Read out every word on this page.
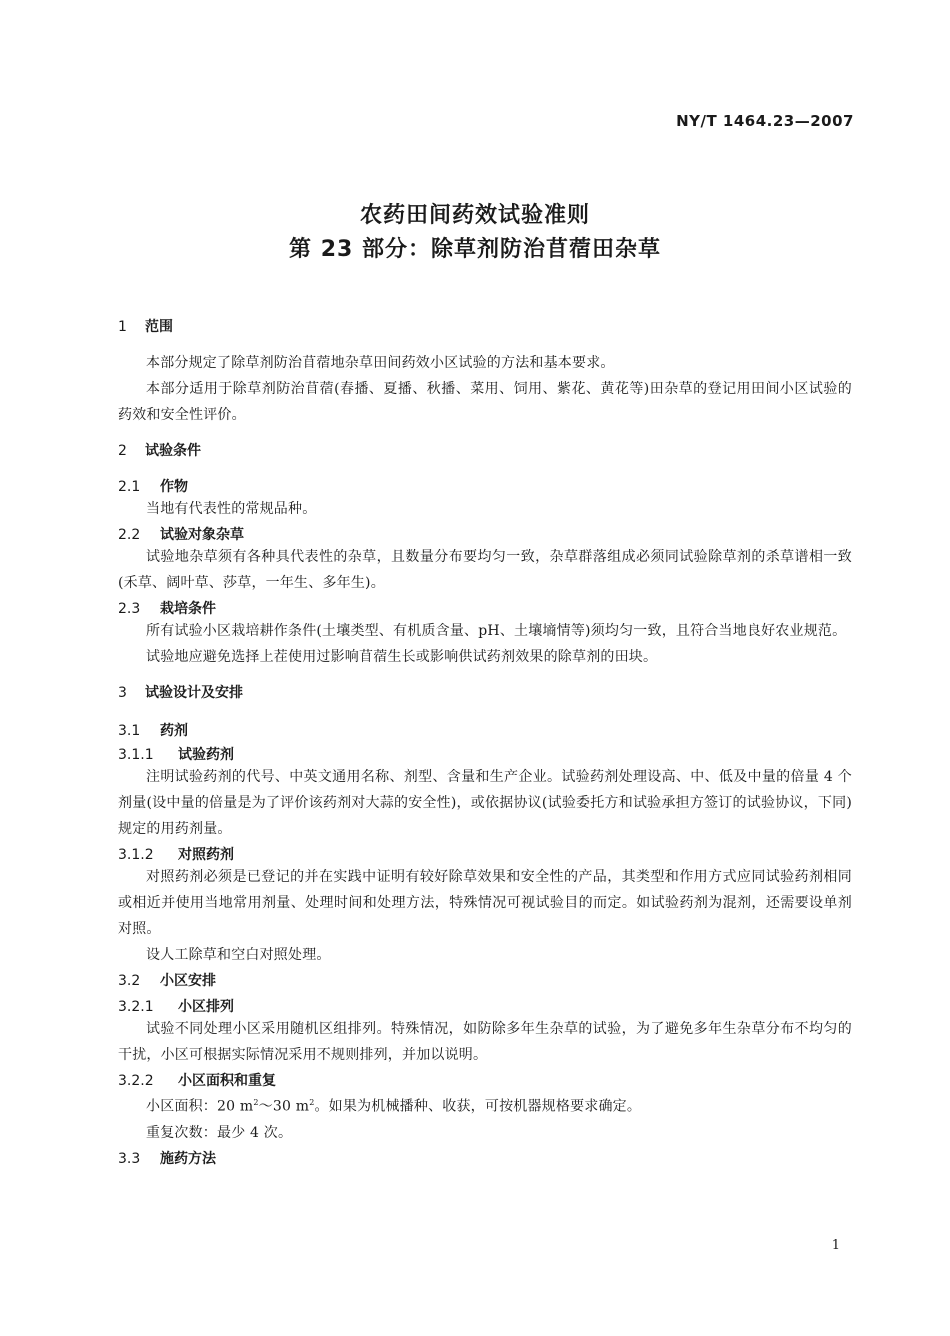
NY/T 1464.23—2007
农药田间药效试验准则
第 23 部分：除草剂防治苜蓿田杂草
1 范围

本部分规定了除草剂防治苜蓿地杂草田间药效小区试验的方法和基本要求。

本部分适用于除草剂防治苜蓿(春播、夏播、秋播、菜用、饲用、紫花、黄花等)田杂草的登记用田间小区试验的药效和安全性评价。

2 试验条件
2.1 作物

当地有代表性的常规品种。

2.2 试验对象杂草

试验地杂草须有各种具代表性的杂草，且数量分布要均匀一致，杂草群落组成必须同试验除草剂的杀草谱相一致(禾草、阔叶草、莎草，一年生、多年生)。

2.3 栽培条件

所有试验小区栽培耕作条件(土壤类型、有机质含量、pH、土壤墒情等)须均匀一致，且符合当地良好农业规范。

试验地应避免选择上茬使用过影响苜蓿生长或影响供试药剂效果的除草剂的田块。

3 试验设计及安排
3.1 药剂
3.1.1 试验药剂

注明试验药剂的代号、中英文通用名称、剂型、含量和生产企业。试验药剂处理设高、中、低及中量的倍量 4 个剂量(设中量的倍量是为了评价该药剂对大蒜的安全性)，或依据协议(试验委托方和试验承担方签订的试验协议，下同)规定的用药剂量。

3.1.2 对照药剂

对照药剂必须是已登记的并在实践中证明有较好除草效果和安全性的产品，其类型和作用方式应同试验药剂相同或相近并使用当地常用剂量、处理时间和处理方法，特殊情况可视试验目的而定。如试验药剂为混剂，还需要设单剂对照。

设人工除草和空白对照处理。

3.2 小区安排
3.2.1 小区排列

试验不同处理小区采用随机区组排列。特殊情况，如防除多年生杂草的试验，为了避免多年生杂草分布不均匀的干扰，小区可根据实际情况采用不规则排列，并加以说明。

3.2.2 小区面积和重复

小区面积：20 $m^2\sim 30$ $m^2$。如果为机械播种、收获，可按机器规格要求确定。

重复次数：最少 4 次。

3.3 施药方法
1
